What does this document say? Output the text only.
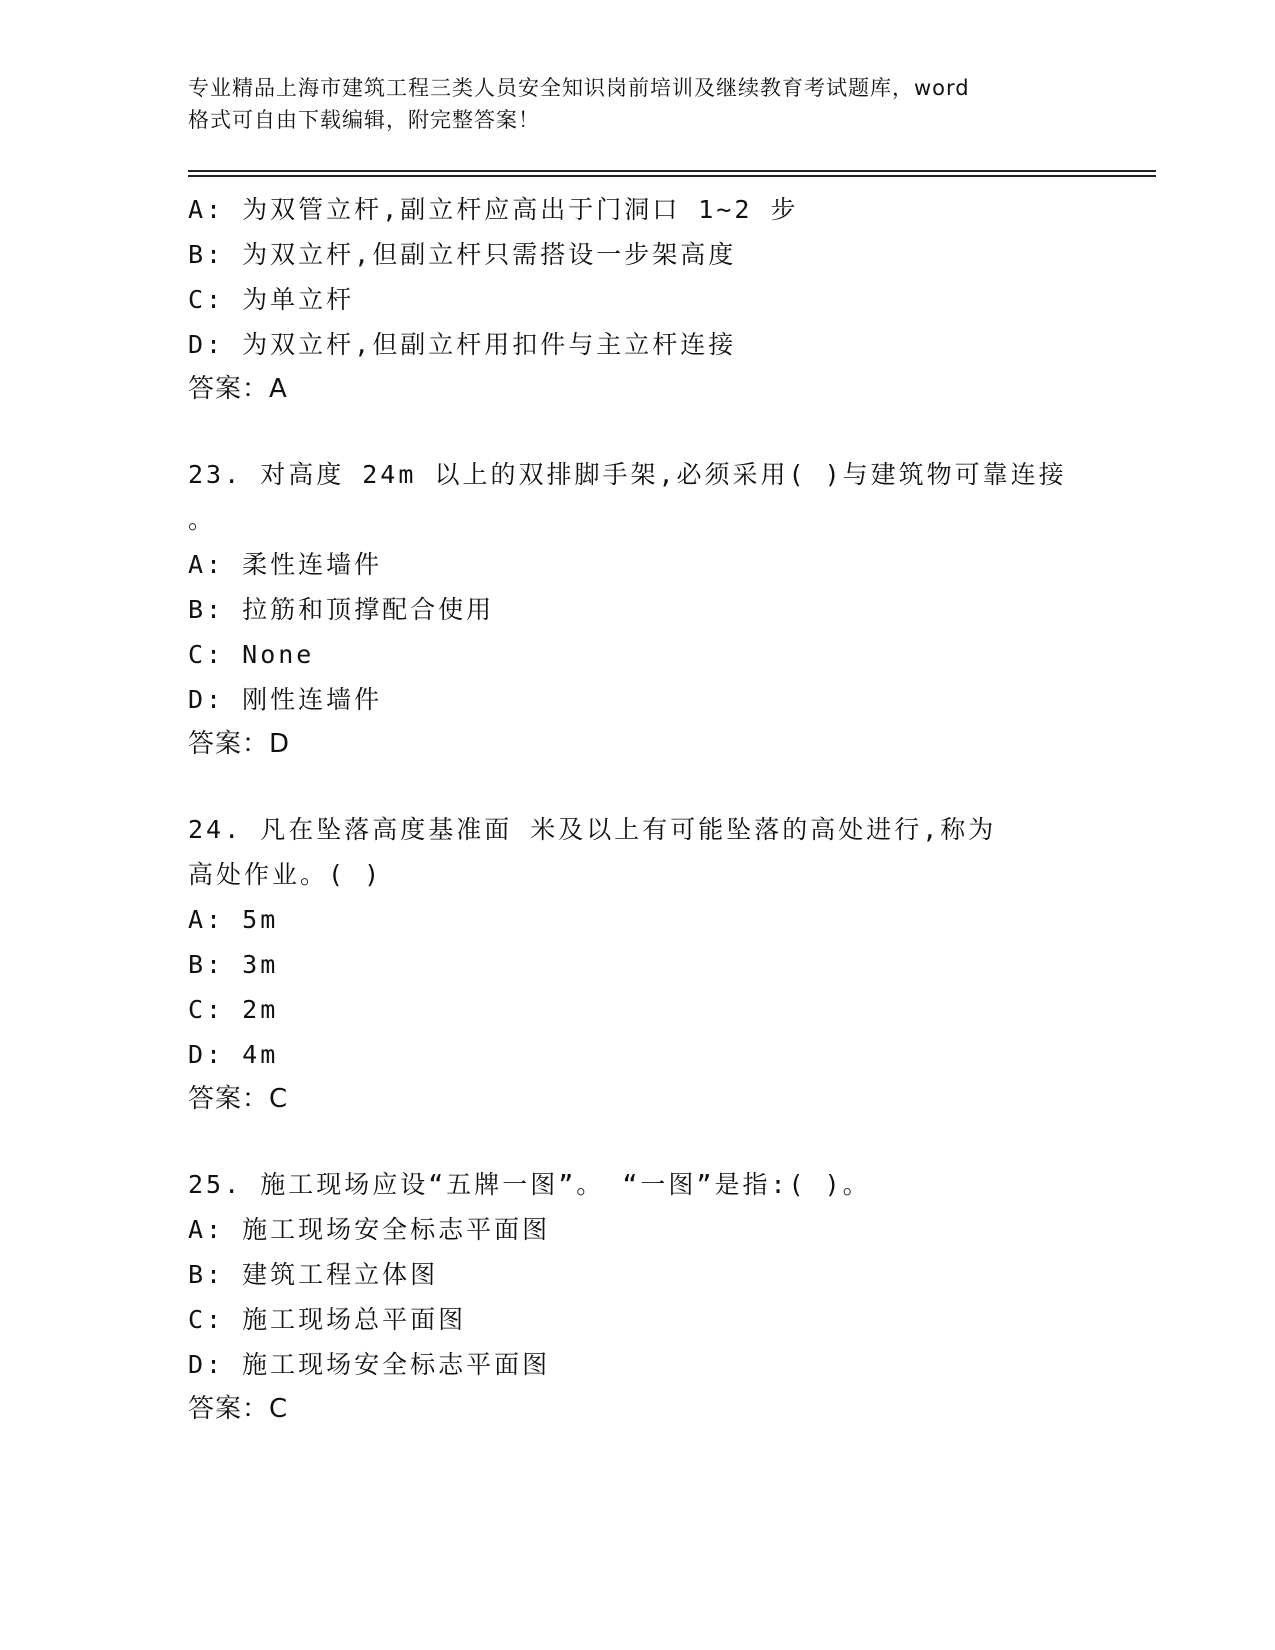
专业精品上海市建筑工程三类人员安全知识岗前培训及继续教育考试题库，word
格式可自由下载编辑，附完整答案！
A: 为双管立杆,副立杆应高出于门洞口 1~2 步
B: 为双立杆,但副立杆只需搭设一步架高度
C: 为单立杆
D: 为双立杆,但副立杆用扣件与主立杆连接
答案：A
23. 对高度 24m 以上的双排脚手架,必须采用( )与建筑物可靠连接
。
A: 柔性连墙件
B: 拉筋和顶撑配合使用
C: None
D: 刚性连墙件
答案：D
24. 凡在坠落高度基准面 米及以上有可能坠落的高处进行,称为
高处作业。( )
A: 5m
B: 3m
C: 2m
D: 4m
答案：C
25. 施工现场应设“五牌一图”。 “一图”是指:( )。
A: 施工现场安全标志平面图
B: 建筑工程立体图
C: 施工现场总平面图
D: 施工现场安全标志平面图
答案：C
